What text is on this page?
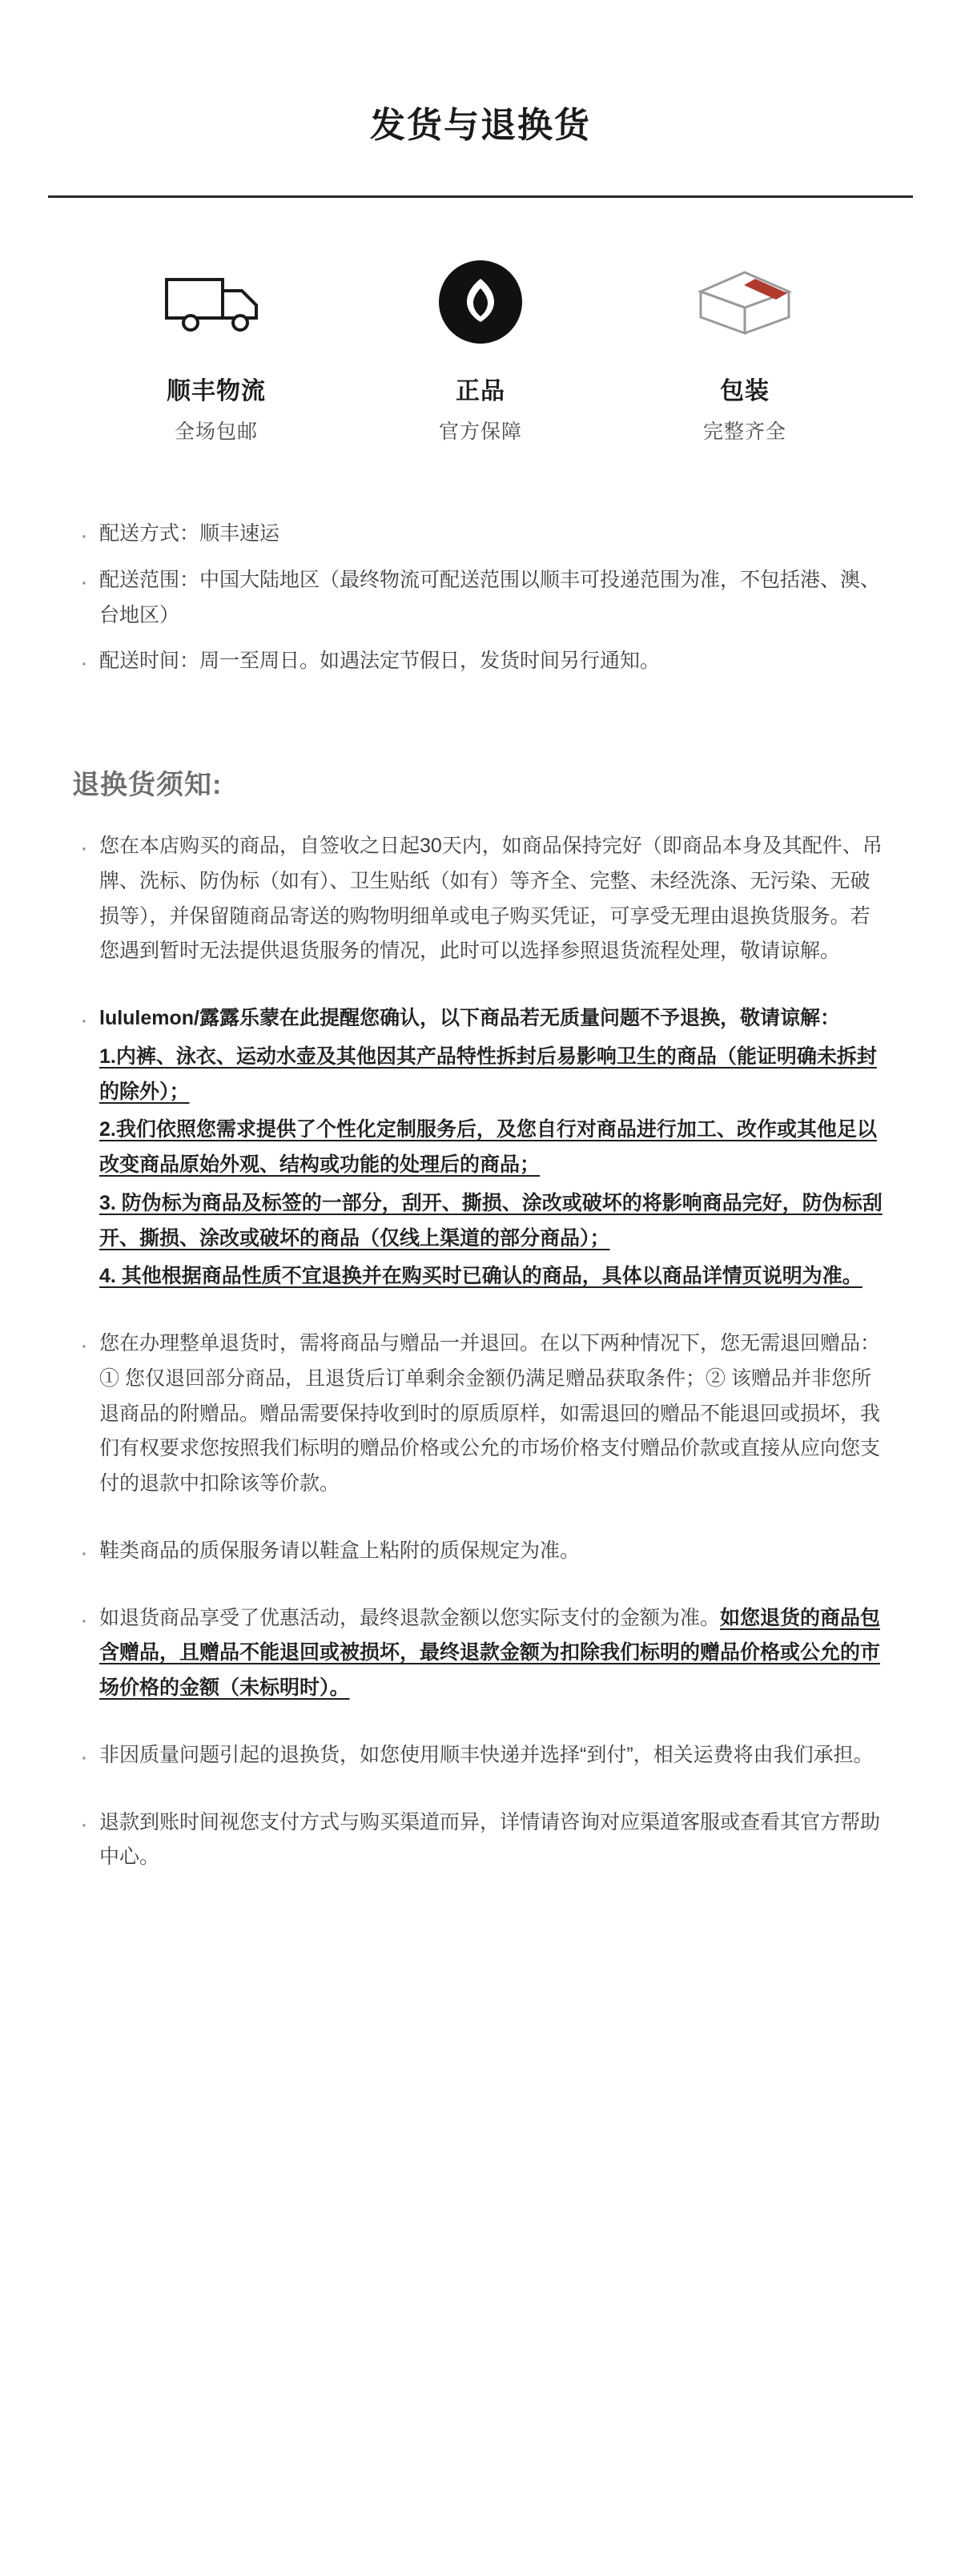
发货与退换货
顺丰物流
全场包邮
正品
官方保障
包装
完整齐全
· 配送方式：顺丰速运
· 配送范围：中国大陆地区（最终物流可配送范围以顺丰可投递范围为准，不包括港、澳、台地区）
· 配送时间：周一至周日。如遇法定节假日，发货时间另行通知。
退换货须知:
· 您在本店购买的商品，自签收之日起30天内，如商品保持完好（即商品本身及其配件、吊牌、洗标、防伪标（如有）、卫生贴纸（如有）等齐全、完整、未经洗涤、无污染、无破损等），并保留随商品寄送的购物明细单或电子购买凭证，可享受无理由退换货服务。若您遇到暂时无法提供退货服务的情况，此时可以选择参照退货流程处理，敬请谅解。
· lululemon/露露乐蒙在此提醒您确认，以下商品若无质量问题不予退换，敬请谅解：
1.内裤、泳衣、运动水壶及其他因其产品特性拆封后易影响卫生的商品（能证明确未拆封的除外）；
2.我们依照您需求提供了个性化定制服务后，及您自行对商品进行加工、改作或其他足以改变商品原始外观、结构或功能的处理后的商品；
3. 防伪标为商品及标签的一部分，刮开、撕损、涂改或破坏的将影响商品完好，防伪标刮开、撕损、涂改或破坏的商品（仅线上渠道的部分商品）；
4. 其他根据商品性质不宜退换并在购买时已确认的商品，具体以商品详情页说明为准。
· 您在办理整单退货时，需将商品与赠品一并退回。在以下两种情况下，您无需退回赠品：① 您仅退回部分商品，且退货后订单剩余金额仍满足赠品获取条件；② 该赠品并非您所退商品的附赠品。赠品需要保持收到时的原质原样，如需退回的赠品不能退回或损坏，我们有权要求您按照我们标明的赠品价格或公允的市场价格支付赠品价款或直接从应向您支付的退款中扣除该等价款。
· 鞋类商品的质保服务请以鞋盒上粘附的质保规定为准。
· 如退货商品享受了优惠活动，最终退款金额以您实际支付的金额为准。如您退货的商品包含赠品，且赠品不能退回或被损坏，最终退款金额为扣除我们标明的赠品价格或公允的市场价格的金额（未标明时）。
· 非因质量问题引起的退换货，如您使用顺丰快递并选择“到付”，相关运费将由我们承担。
· 退款到账时间视您支付方式与购买渠道而异，详情请咨询对应渠道客服或查看其官方帮助中心。
